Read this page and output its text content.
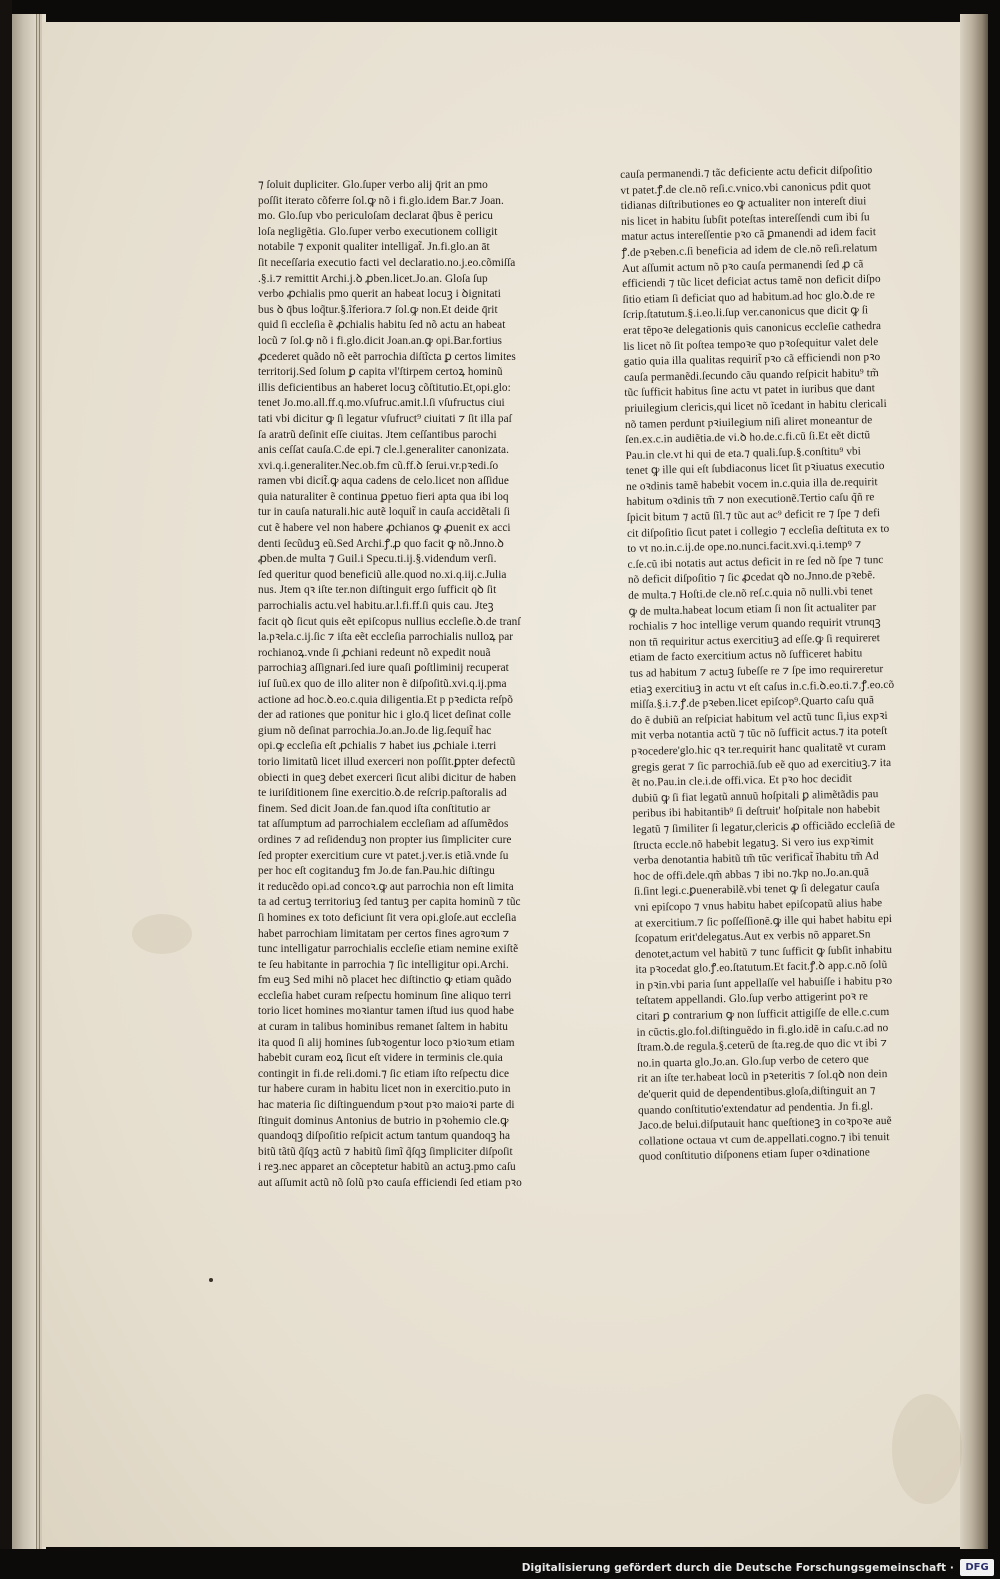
⁊ ſoluit dupliciter. Glo.ſuper verbo alij q̄rit an pmo

poſſit iterato cõferre ſol.ꝙ nõ i fi.glo.idem Bar.⁊ Joan.

mo. Glo.ſup vbo periculoſam declarat q̃bus ẽ pericu

loſa negligẽtia. Glo.ſuper verbo executionem colligit

notabile ⁊ exponit qualiter intelligat̃. Jn.fi.glo.an āt

ſit neceſſaria executio facti vel declaratio.no.j.eo.cõmiſſa

.§.i.⁊ remittit Archi.j.ꝺ ꝓben.licet.Jo.an. Gloſa ſup

verbo ꝓchialis pmo querit an habeat locuꝫ i ꝺignitati

bus ꝺ q̄bus loq̃tur.§.ĩferiora.⁊ ſol.ꝙ non.Et deide q̄rit

quid ſi eccleſia ẽ ꝓchialis habitu ſed nõ actu an habeat

locũ ⁊ ſol.ꝙ nõ i fi.glo.dicit Joan.an.ꝙ opi.Bar.fortius

ꝓcederet quãdo nõ eẽt parrochia diſtĩcta ꝑ certos limites

territorij.Sed ſolum ꝑ capita vl'ſtirpem certoꝝ hominũ

illis deficientibus an haberet locuꝫ cõſtitutio.Et,opi.glo:

tenet Jo.mo.all.ff.q.mo.vſufruc.amit.l.ſi vſufructus ciui

tati vbi dicitur ꝙ ſi legatur vſufruct⁹ ciuitati ⁊ ſit illa paſ

ſa aratrũ deſinit eſſe ciuitas. Jtem ceſſantibus parochi

anis ceſſat cauſa.C.de epi.⁊ cle.l.generaliter canonizata.

xvi.q.i.generaliter.Nec.ob.fm cũ.ff.ꝺ ſerui.vr.pꝛedi.ſo

ramen vbi dicit̃.ꝙ aqua cadens de celo.licet non aſſidue

quia naturaliter ẽ continua ꝑpetuo fieri apta qua ibi loq

tur in cauſa naturali.hic autẽ loquit̃ in cauſa accidẽtali ſi

cut ẽ habere vel non habere ꝓchianos ꝙ ꝓuenit ex acci

denti ſecũduꝫ eũ.Sed Archi.ꝭ.ꝓ quo facit ꝙ nõ.Jnno.ꝺ

ꝓben.de multa ⁊ Guil.i Specu.ti.ij.§.videndum verſi.

ſed queritur quod beneficiũ alle.quod no.xi.q.iij.c.Julia

nus. Jtem qꝛ iſte ter.non diſtinguit ergo ſufficit qꝺ ſit

parrochialis actu.vel habitu.ar.l.fi.ff.ſi quis cau. Jteꝫ

facit qꝺ ſicut quis eẽt epiſcopus nullius eccleſie.ꝺ.de tranſ

la.pꝛela.c.ij.ſic ⁊ iſta eẽt eccleſia parrochialis nulloꝝ par

rochianoꝝ.vnde ſi ꝓchiani redeunt nõ expedit nouã

parrochiaꝫ aſſignari.ſed iure quaſi ꝑoſtliminij recuperat

iuſ ſuũ.ex quo de illo aliter non ẽ diſpoſitũ.xvi.q.ij.pma

actione ad hoc.ꝺ.eo.c.quia diligentia.Et p pꝛedicta reſpõ

der ad rationes que ponitur hic i glo.q̄ licet deſinat colle

gium nõ deſinat parrochia.Jo.an.Jo.de lig.ſequit̃ hac

opi.ꝙ eccleſia eſt ꝓchialis ⁊ habet ius ꝓchiale i.terri

torio limitatũ licet illud exerceri non poſſit.ꝑpter defectũ

obiecti in queꝫ debet exerceri ſicut alibi dicitur de haben

te iuriſditionem ſine exercitio.ꝺ.de reſcrip.paſtoralis ad

finem. Sed dicit Joan.de fan.quod iſta conſtitutio ar

tat aſſumptum ad parrochialem eccleſiam ad aſſumẽdos

ordines ⁊ ad reſidenduꝫ non propter ius ſimpliciter cure

ſed propter exercitium cure vt patet.j.ver.is etiã.vnde ſu

per hoc eſt cogitanduꝫ fm Jo.de fan.Pau.hic diſtingu

it reducẽdo opi.ad concoꝛ.ꝙ aut parrochia non eſt limita

ta ad certuꝫ territoriuꝫ ſed tantuꝫ per capita hominũ ⁊ tũc

ſi homines ex toto deficiunt ſit vera opi.gloſe.aut eccleſia

habet parrochiam limitatam per certos fines agroꝛum ⁊

tunc intelligatur parrochialis eccleſie etiam nemine exiſtẽ

te ſeu habitante in parrochia ⁊ ſic intelligitur opi.Archi.

fm euꝫ Sed mihi nõ placet hec diſtinctio ꝙ etiam quãdo

eccleſia habet curam reſpectu hominum ſine aliquo terri

torio licet homines moꝛiantur tamen iſtud ius quod habe

at curam in talibus hominibus remanet ſaltem in habitu

ita quod ſi alij homines ſubꝛogentur loco pꝛioꝛum etiam

habebit curam eoꝝ ſicut eſt videre in terminis cle.quia

contingit in fi.de reli.domi.⁊ ſic etiam iſto reſpectu dice

tur habere curam in habitu licet non in exercitio.puto in

hac materia ſic diſtinguendum pꝛout pꝛo maioꝛi parte di

ſtinguit dominus Antonius de butrio in pꝛohemio cle.ꝙ

quandoqꝫ diſpoſitio reſpicit actum tantum quandoqꝫ ha

bitũ tãtũ q̃ſqꝫ actũ ⁊ habitũ ſimĩ q̃ſqꝫ ſimpliciter diſpoſit

i reꝫ.nec apparet an cõceptetur habitũ an actuꝫ.pmo caſu

aut aſſumit actũ nõ ſolũ pꝛo cauſa efficiendi ſed etiam pꝛo

cauſa permanendi.⁊ tãc deficiente actu deficit diſpoſitio

vt patet.ꝭ.de cle.nõ reſi.c.vnico.vbi canonicus pdit quot

tidianas diſtributiones eo ꝙ actualiter non intereſt diui

nis licet in habitu ſubſit poteſtas intereſſendi cum ibi ſu

matur actus intereſſentie pꝛo cã ꝑmanendi ad idem facit

ꝭ.de pꝛeben.c.ſi beneficia ad idem de cle.nõ reſi.relatum

Aut aſſumit actum nõ pꝛo cauſa permanendi ſed ꝓ cã

efficiendi ⁊ tũc licet deficiat actus tamẽ non deficit diſpo

ſitio etiam ſi deficiat quo ad habitum.ad hoc glo.ꝺ.de re

ſcrip.ſtatutum.§.i.eo.li.ſup ver.canonicus que dicit ꝙ ſi

erat tẽpoꝛe delegationis quis canonicus eccleſie cathedra

lis licet nõ ſit poſtea tempoꝛe quo pꝛoſequitur valet dele

gatio quia illa qualitas requirit̃ pꝛo cã efficiendi non pꝛo

cauſa permanẽdi.ſecundo cãu quando reſpicit habitu⁹ tm̃

tũc ſufficit habitus ſine actu vt patet in iuribus que dant

priuilegium clericis,qui licet nõ ĩcedant in habitu clericali

nõ tamen perdunt pꝛiuilegium niſi aliret moneantur de

ſen.ex.c.in audiẽtia.de vi.ꝺ ho.de.c.fi.cũ ſi.Et eẽt dictũ

Pau.in cle.vt hi qui de eta.⁊ quali.ſup.§.conſtitu⁹ vbi

tenet ꝙ ille qui eſt ſubdiaconus licet ſit pꝛiuatus executio

ne oꝛdinis tamẽ habebit vocem in.c.quia illa de.requirit

habitum oꝛdinis tm̃ ⁊ non executionẽ.Tertio caſu q̃ñ re

ſpicit bitum ⁊ actũ ſĩl.⁊ tũc aut ac⁹ deficit re ⁊ ſpe ⁊ defi

cit diſpoſitio ſicut patet i collegio ⁊ eccleſia deſtituta ex to

to vt no.in.c.ij.de ope.no.nunci.facit.xvi.q.i.tempꝰ ⁊

c.ſe.cũ ibi notatis aut actus deficit in re ſed nõ ſpe ⁊ tunc

nõ deficit diſpoſitio ⁊ ſic ꝓcedat qꝺ no.Jnno.de pꝛebẽ.

de multa.⁊ Hoſti.de cle.nõ reſ.c.quia nõ nulli.vbi tenet

ꝙ de multa.habeat locum etiam ſi non ſit actualiter par

rochialis ⁊ hoc intellige verum quando requirit vtrunqꝫ

non tñ requiritur actus exercitiuꝫ ad eſſe.ꝙ ſi requireret

etiam de facto exercitium actus nõ ſufficeret habitu

tus ad habitum ⁊ actuꝫ ſubeſſe re ⁊ ſpe imo requireretur

etiaꝫ exercitiuꝫ in actu vt eſt caſus in.c.fi.ꝺ.eo.ti.⁊.ꝭ.eo.cõ

miſſa.§.i.⁊.ꝭ.de pꝛeben.licet epiſcop⁹.Quarto caſu quã

do ẽ dubiũ an reſpiciat habitum vel actũ tunc ſi,ius expꝛi

mit verba notantia actũ ⁊ tũc nõ ſufficit actus.⁊ ita poteſt

pꝛocedere'glo.hic qꝛ ter.requirit hanc qualitatẽ vt curam

gregis gerat ⁊ ſic parrochiã.ſub eẽ quo ad exercitiuꝫ.⁊ ita

ẽt no.Pau.in cle.i.de offi.vica. Et pꝛo hoc decidit

dubiũ ꝙ ſi fiat legatũ annuũ hoſpitali ꝑ alimẽtãdis pau

peribus ibi habitantib⁹ ſi deſtruit' hoſpitale non habebit

legatũ ⁊ ſimiliter ſi legatur,clericis ꝓ officiãdo eccleſiã de

ſtructa eccle.nõ habebit legatuꝫ. Si vero ius expꝛimit

verba denotantia habitũ tm̃ tũc verificat̃ ĩhabitu tm̃ Ad

hoc de offi.dele.qm̃ abbas ⁊ ibi no.⁊kp no.Jo.an.quã

ſi.ſint legi.c.ꝑuenerabilẽ.vbi tenet ꝙ ſi delegatur cauſa

vni epiſcopo ⁊ vnus habitu habet epiſcopatũ alius habe

at exercitium.⁊ ſic poſſeſſionẽ.ꝙ ille qui habet habitu epi

ſcopatum erit'delegatus.Aut ex verbis nõ apparet.Sn

denotet,actum vel habitũ ⁊ tunc ſufficit ꝙ ſubſit inhabitu

ita pꝛocedat glo.ꝭ.eo.ſtatutum.Et facit.ꝭ.ꝺ app.c.nõ ſolũ

in pꝛin.vbi paria ſunt appellaſſe vel habuiſſe i habitu pꝛo

teſtatem appellandi. Glo.ſup verbo attigerint poꝛ re

citari ꝑ contrarium ꝙ non ſufficit attigiſſe de elle.c.cum

in cũctis.glo.fol.diſtinguẽdo in fi.glo.idẽ in caſu.c.ad no

ſtram.ꝺ.de regula.§.ceterũ de ſta.reg.de quo dic vt ibi ⁊

no.in quarta glo.Jo.an. Glo.ſup verbo de cetero que

rit an iſte ter.habeat locũ in pꝛeteritis ⁊ ſol.qꝺ non dein

de'querit quid de dependentibus.gloſa,diſtinguit an ⁊

quando conſtitutio'extendatur ad pendentia. Jn fi.gl.

Jaco.de belui.diſputauit hanc queſtioneꝫ in coꝛpoꝛe auẽ

collatione octaua vt cum de.appellati.cogno.⁊ ibi tenuit

quod conſtitutio diſponens etiam ſuper oꝛdinatione

Digitalisierung gefördert durch die Deutsche Forschungsgemeinschaft ·	DFG
